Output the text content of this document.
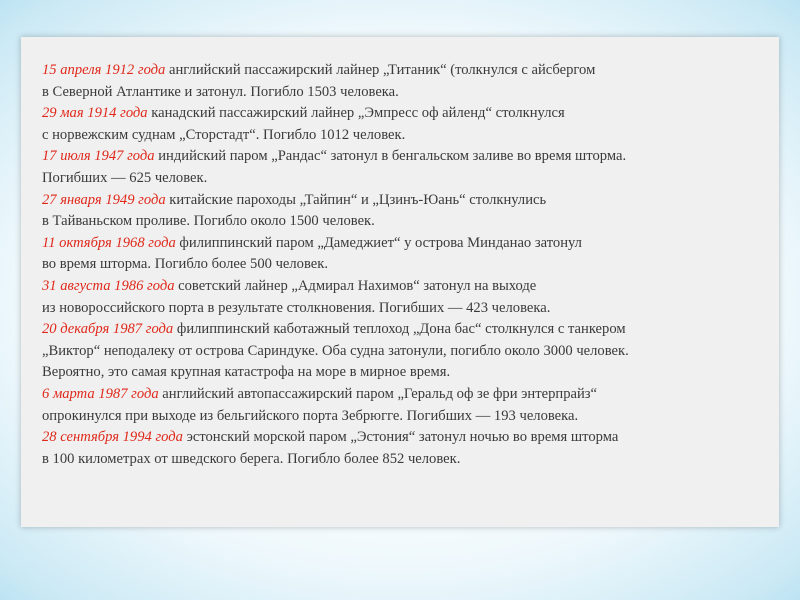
15 апреля 1912 года английский пассажирский лайнер „Титаник“ (толкнулся с айсбергом
в Северной Атлантике и затонул. Погибло 1503 человека.
29 мая 1914 года канадский пассажирский лайнер „Эмпресс оф айленд“ столкнулся
с норвежским суднам „Сторстадт“. Погибло 1012 человек.
17 июля 1947 года индийский паром „Рандас“ затонул в бенгальском заливе во время шторма.
Погибших — 625 человек.
27 января 1949 года китайские пароходы „Тайпин“ и „Цзинъ-Юань“ столкнулись
в Тайваньском проливе. Погибло около 1500 человек.
11 октября 1968 года филиппинский паром „Дамеджиет“ у острова Минданао затонул
во время шторма. Погибло более 500 человек.
31 августа 1986 года советский лайнер „Адмирал Нахимов“ затонул на выходе
из новороссийского порта в результате столкновения. Погибших — 423 человека.
20 декабря 1987 года филиппинский каботажный теплоход „Дона бас“ столкнулся с танкером
„Виктор“ неподалеку от острова Сариндуке. Оба судна затонули, погибло около 3000 человек.
Вероятно, это самая крупная катастрофа на море в мирное время.
6 марта 1987 года английский автопассажирский паром „Геральд оф зе фри энтерпрайз“
опрокинулся при выходе из бельгийского порта Зебрюгге. Погибших — 193 человека.
28 сентября 1994 года эстонский морской паром „Эстония“ затонул ночью во время шторма
в 100 километрах от шведского берега. Погибло более 852 человек.
